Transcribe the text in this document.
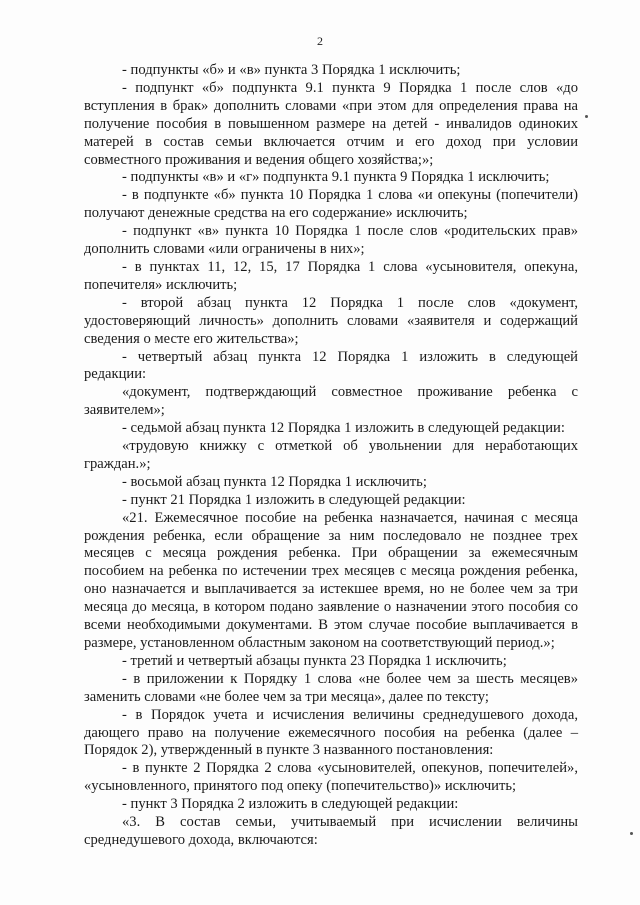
2

- подпункты «б» и «в» пункта 3 Порядка 1 исключить;

- подпункт «б» подпункта 9.1 пункта 9 Порядка 1 после слов «до вступления в брак» дополнить словами «при этом для определения права на получение пособия в повышенном размере на детей - инвалидов одиноких матерей в состав семьи включается отчим и его доход при условии совместного проживания и ведения общего хозяйства;»;

- подпункты «в» и «г» подпункта 9.1 пункта 9 Порядка 1 исключить;

- в подпункте «б» пункта 10 Порядка 1 слова «и опекуны (попечители) получают денежные средства на его содержание» исключить;

- подпункт «в» пункта 10 Порядка 1 после слов «родительских прав» дополнить словами «или ограничены в них»;

- в пунктах 11, 12, 15, 17 Порядка 1 слова «усыновителя, опекуна, попечителя» исключить;

- второй абзац пункта 12 Порядка 1 после слов «документ, удостоверяющий личность» дополнить словами «заявителя и содержащий сведения о месте его жительства»;

- четвертый абзац пункта 12 Порядка 1 изложить в следующей редакции:

«документ, подтверждающий совместное проживание ребенка с заявителем»;

- седьмой абзац пункта 12 Порядка 1 изложить в следующей редакции:

«трудовую книжку с отметкой об увольнении для неработающих граждан.»;

- восьмой абзац пункта 12 Порядка 1 исключить;

- пункт 21 Порядка 1 изложить в следующей редакции:

«21. Ежемесячное пособие на ребенка назначается, начиная с месяца рождения ребенка, если обращение за ним последовало не позднее трех месяцев с месяца рождения ребенка. При обращении за ежемесячным пособием на ребенка по истечении трех месяцев с месяца рождения ребенка, оно назначается и выплачивается за истекшее время, но не более чем за три месяца до месяца, в котором подано заявление о назначении этого пособия со всеми необходимыми документами. В этом случае пособие выплачивается в размере, установленном областным законом на соответствующий период.»;

- третий и четвертый абзацы пункта 23 Порядка 1 исключить;

- в приложении к Порядку 1 слова «не более чем за шесть месяцев» заменить словами «не более чем за три месяца», далее по тексту;

- в Порядок учета и исчисления величины среднедушевого дохода, дающего право на получение ежемесячного пособия на ребенка (далее – Порядок 2), утвержденный в пункте 3 названного постановления:

- в пункте 2 Порядка 2 слова «усыновителей, опекунов, попечителей», «усыновленного, принятого под опеку (попечительство)» исключить;

- пункт 3 Порядка 2 изложить в следующей редакции:

«3. В состав семьи, учитываемый при исчислении величины среднедушевого дохода, включаются:
